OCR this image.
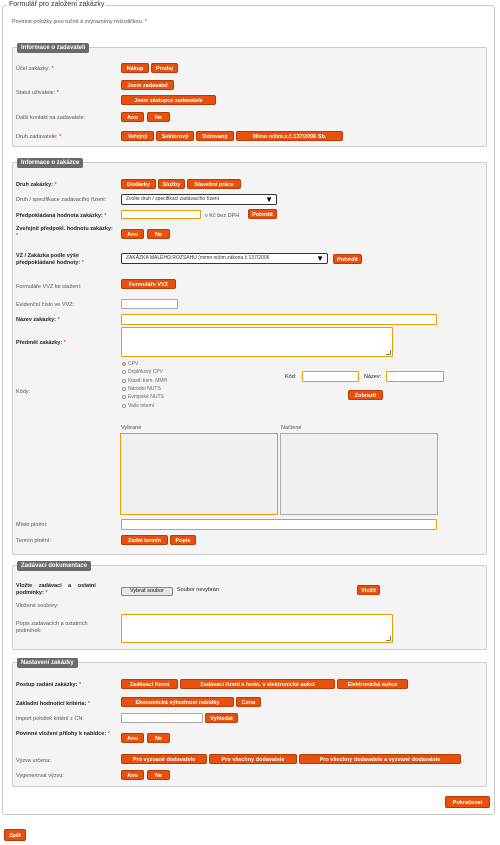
Formulář pro založení zakázky
Povinné položky jsou tučně a zvýrazněny hvězdičkou. *
Informace o zadavateli
Účel zakázky: *	Nákup	Prodej
Statut uživatele: *
Jsem zadavatel
Jsem zástupce zadavatele
Další kontakt na zadavatele:	Ano	Ne
Druh zadavatele: *	Veřejný	Sektorový	Dotovaný	Mimo režim.z.č.137/2006 Sb.
Informace o zakázce
Druh zakázky: *	Dodávky	Služby	Stavební práce
Druh / specifikace zadávacího řízení:	Zvolte druh / specifikaci zadávacího řízení	▼
Předpokládaná hodnota zakázky: *	v Kč bez DPH	Potvrdit
Zveřejnit předpokl. hodnotu zakázky: *	Ano	Ne
VZ / Zakázka podle výše předpokládané hodnoty: *
ZAKÁZKA MALÉHO ROZSAHU (mimo režim zákona č.137/2006	▼	Potvrdit
Formuláře VVZ ke stažení:	Formuláře VVZ
Evidenční číslo ve VVZ:
Název zakázky: *
Předmět zakázky: *
Kódy:
CPV
Doplňkový CPV
Klasif. kom. MMH
Národní NUTS
Evropské NUTS
Vaše interní
Kód:	Název:
Zobrazit
Vybrané	Načtené
Místo plnění:
Termín plnění:	Zadat termín	Popis
Zadávací dokumentace
Vložte zadávací a ostatní
podmínky: *	Vybrat soubor	Soubor nevybrán	Vložit
Vložené soubory:
Popis zadávacích a ostatních podmínek:
Nastavení zakázky
Postup zadání zakázky: *	Zadávací řízení	Zadávací řízení s hodn. v elektronické aukci	Elektronická aukce
Základní hodnotící kritéria: *	Ekonomická výhodnost nabídky	Cena
Import položek kritérií z CN:	Vyhledat
Povinné vložení přílohy k nabídce: *
Ano	Ne
Výzva určena:	Pro vyzvané dodavatele	Pro všechny dodavatele	Pro všechny dodavatele a vyzvané dodavatele
Vygenerovat výzvu:	Ano	Ne
Pokračovat
Zpět
